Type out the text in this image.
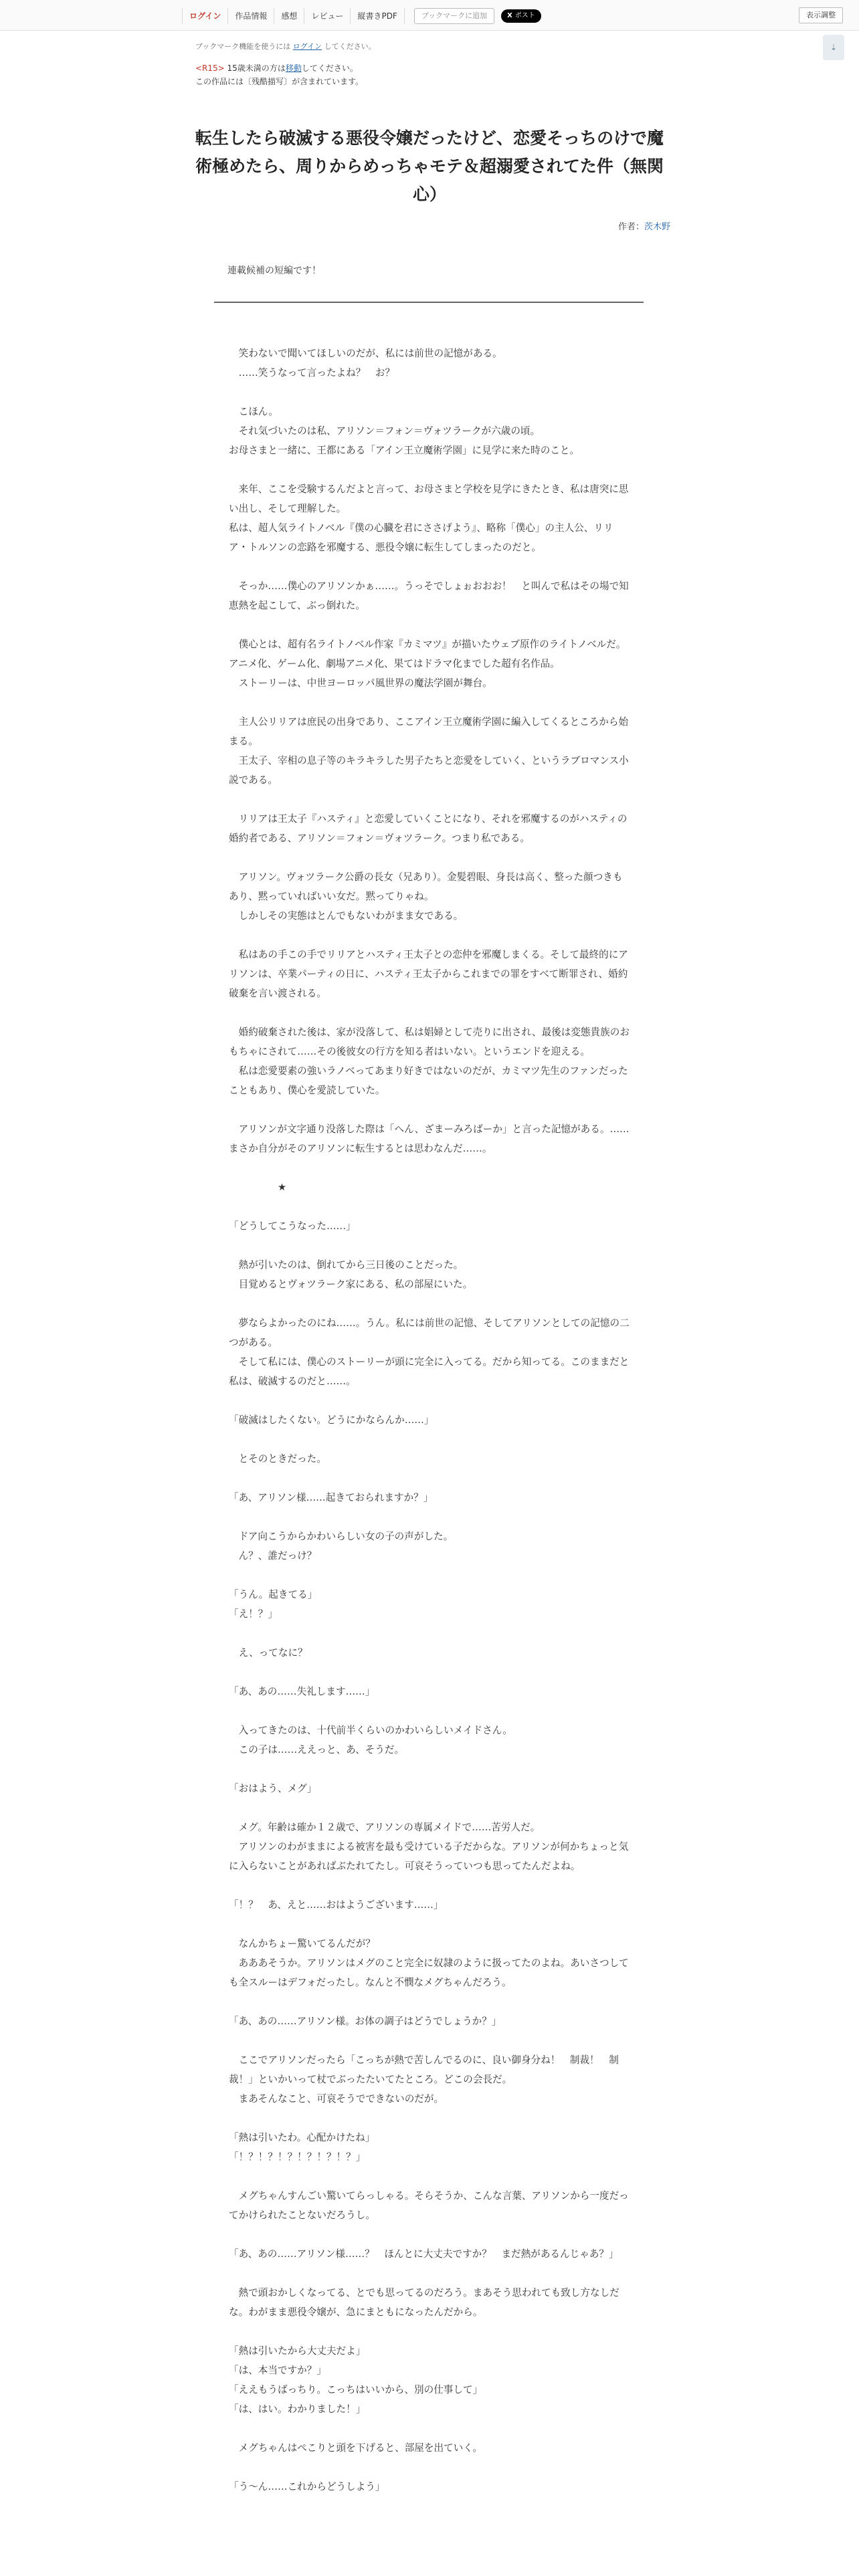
ログイン	作品情報	感想	レビュー	縦書きPDF	ブックマークに追加	X ポスト	表示調整
⇣
ブックマーク機能を使うには ログイン してください。
<R15> 15歳未満の方は移動してください。
この作品には〔残酷描写〕が含まれています。
転生したら破滅する悪役令嬢だったけど、恋愛そっちのけで魔術極めたら、周りからめっちゃモテ＆超溺愛されてた件（無関心）
作者：茨木野
連載候補の短編です！

　笑わないで聞いてほしいのだが、私には前世の記憶がある。

　……笑うなって言ったよね？　お？

　こほん。

　それ気づいたのは私、アリソン＝フォン＝ヴォツラークが六歳の頃。

お母さまと一緒に、王都にある「アイン王立魔術学園」に見学に来た時のこと。

　来年、ここを受験するんだよと言って、お母さまと学校を見学にきたとき、私は唐突に思い出し、そして理解した。

私は、超人気ライトノベル『僕の心臓を君にささげよう』、略称「僕心」の主人公、リリア・トルソンの恋路を邪魔する、悪役令嬢に転生してしまったのだと。

　そっか……僕心のアリソンかぁ……。うっそでしょぉおおお！　と叫んで私はその場で知恵熱を起こして、ぶっ倒れた。

　僕心とは、超有名ライトノベル作家『カミマツ』が描いたウェブ原作のライトノベルだ。アニメ化、ゲーム化、劇場アニメ化、果てはドラマ化までした超有名作品。

　ストーリーは、中世ヨーロッパ風世界の魔法学園が舞台。

　主人公リリアは庶民の出身であり、ここアイン王立魔術学園に編入してくるところから始まる。

　王太子、宰相の息子等のキラキラした男子たちと恋愛をしていく、というラブロマンス小説である。

　リリアは王太子『ハスティ』と恋愛していくことになり、それを邪魔するのがハスティの婚約者である、アリソン＝フォン＝ヴォツラーク。つまり私である。

　アリソン。ヴォツラーク公爵の長女（兄あり）。金髪碧眼、身長は高く、整った顔つきもあり、黙っていればいい女だ。黙ってりゃね。

　しかしその実態はとんでもないわがまま女である。

　私はあの手この手でリリアとハスティ王太子との恋仲を邪魔しまくる。そして最終的にアリソンは、卒業パーティの日に、ハスティ王太子からこれまでの罪をすべて断罪され、婚約破棄を言い渡される。

　婚約破棄された後は、家が没落して、私は娼婦として売りに出され、最後は変態貴族のおもちゃにされて……その後彼女の行方を知る者はいない。というエンドを迎える。

　私は恋愛要素の強いラノベってあまり好きではないのだが、カミマツ先生のファンだったこともあり、僕心を愛読していた。

　アリソンが文字通り没落した際は「へん、ざまーみろばーか」と言った記憶がある。……まさか自分がそのアリソンに転生するとは思わなんだ……。

　　　　　★

「どうしてこうなった……」

　熱が引いたのは、倒れてから三日後のことだった。

　目覚めるとヴォツラーク家にある、私の部屋にいた。

　夢ならよかったのにね……。うん。私には前世の記憶、そしてアリソンとしての記憶の二つがある。

　そして私には、僕心のストーリーが頭に完全に入ってる。だから知ってる。このままだと私は、破滅するのだと……。

「破滅はしたくない。どうにかならんか……」

　とそのときだった。

「あ、アリソン様……起きておられますか？」

　ドア向こうからかわいらしい女の子の声がした。

　ん？、誰だっけ？

「うん。起きてる」

「え！？」

　え、ってなに？

「あ、あの……失礼します……」

　入ってきたのは、十代前半くらいのかわいらしいメイドさん。

　この子は……ええっと、あ、そうだ。

「おはよう、メグ」

　メグ。年齢は確か１２歳で、アリソンの専属メイドで……苦労人だ。

　アリソンのわがままによる被害を最も受けている子だからな。アリソンが何かちょっと気に入らないことがあればぶたれてたし。可哀そうっていつも思ってたんだよね。

「！？　あ、えと……おはようございます……」

　なんかちょー驚いてるんだが？

　あああそうか。アリソンはメグのこと完全に奴隷のように扱ってたのよね。あいさつしても全スルーはデフォだったし。なんと不憫なメグちゃんだろう。

「あ、あの……アリソン様。お体の調子はどうでしょうか？」

　ここでアリソンだったら「こっちが熱で苦しんでるのに、良い御身分ね！　制裁！　制裁！」といかいって杖でぶったたいてたところ。どこの会長だ。

　まあそんなこと、可哀そうでできないのだが。

「熱は引いたわ。心配かけたね」

「！？！？！？！？！？！？」

　メグちゃんすんごい驚いてらっしゃる。そらそうか、こんな言葉、アリソンから一度だってかけられたことないだろうし。

「あ、あの……アリソン様……？　ほんとに大丈夫ですか？　まだ熱があるんじゃあ？」

　熱で頭おかしくなってる、とでも思ってるのだろう。まあそう思われても致し方なしだな。わがまま悪役令嬢が、急にまともになったんだから。

「熱は引いたから大丈夫だよ」

「は、本当ですか？」

「ええもうばっちり。こっちはいいから、別の仕事して」

「は、はい。わかりました！」

　メグちゃんはぺこりと頭を下げると、部屋を出ていく。

「う～ん……これからどうしよう」
